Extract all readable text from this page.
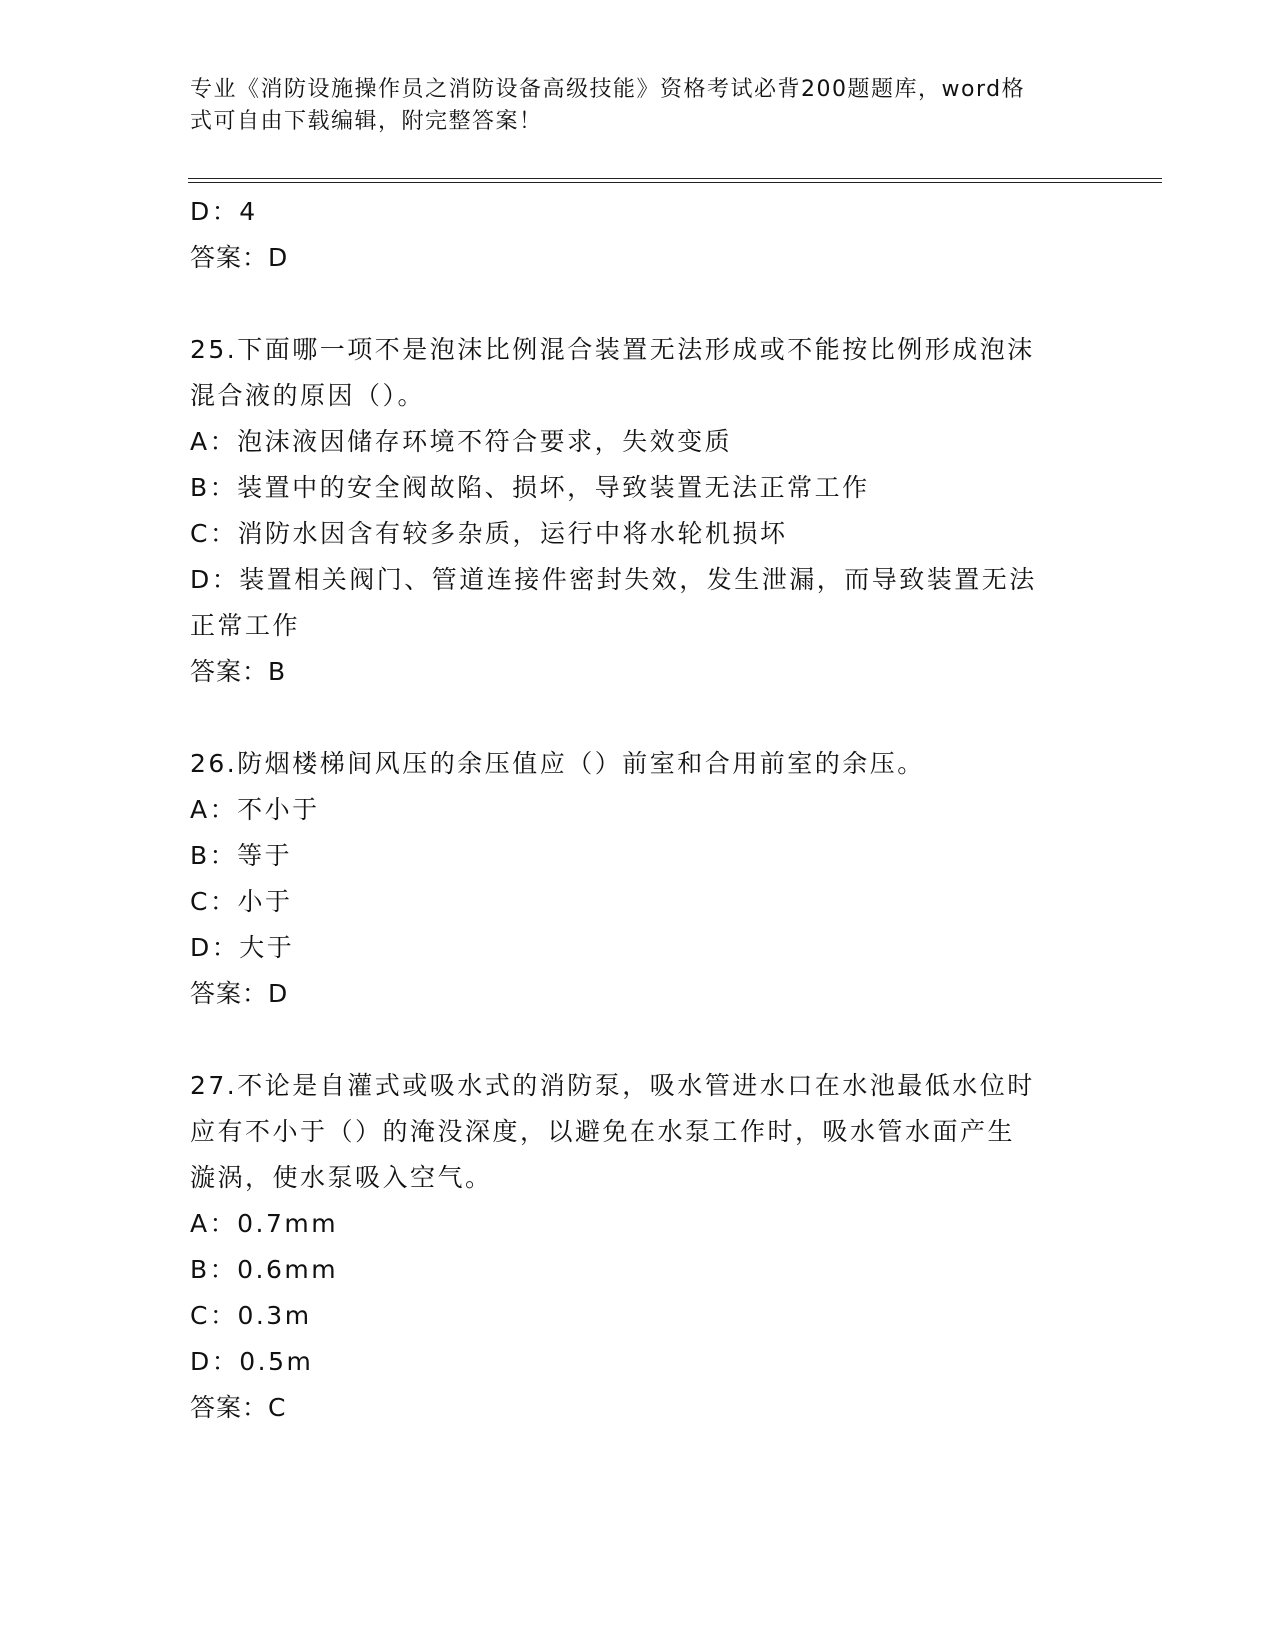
专业《消防设施操作员之消防设备高级技能》资格考试必背200题题库，word格
式可自由下载编辑，附完整答案！
D：4
答案：D
25.下面哪一项不是泡沫比例混合装置无法形成或不能按比例形成泡沫
混合液的原因（）。
A：泡沫液因储存环境不符合要求，失效变质
B：装置中的安全阀故陷、损坏，导致装置无法正常工作
C：消防水因含有较多杂质，运行中将水轮机损坏
D：装置相关阀门、管道连接件密封失效，发生泄漏，而导致装置无法
正常工作
答案：B
26.防烟楼梯间风压的余压值应（）前室和合用前室的余压。
A：不小于
B：等于
C：小于
D：大于
答案：D
27.不论是自灌式或吸水式的消防泵，吸水管进水口在水池最低水位时
应有不小于（）的淹没深度，以避免在水泵工作时，吸水管水面产生
漩涡，使水泵吸入空气。
A：0.7mm
B：0.6mm
C：0.3m
D：0.5m
答案：C
